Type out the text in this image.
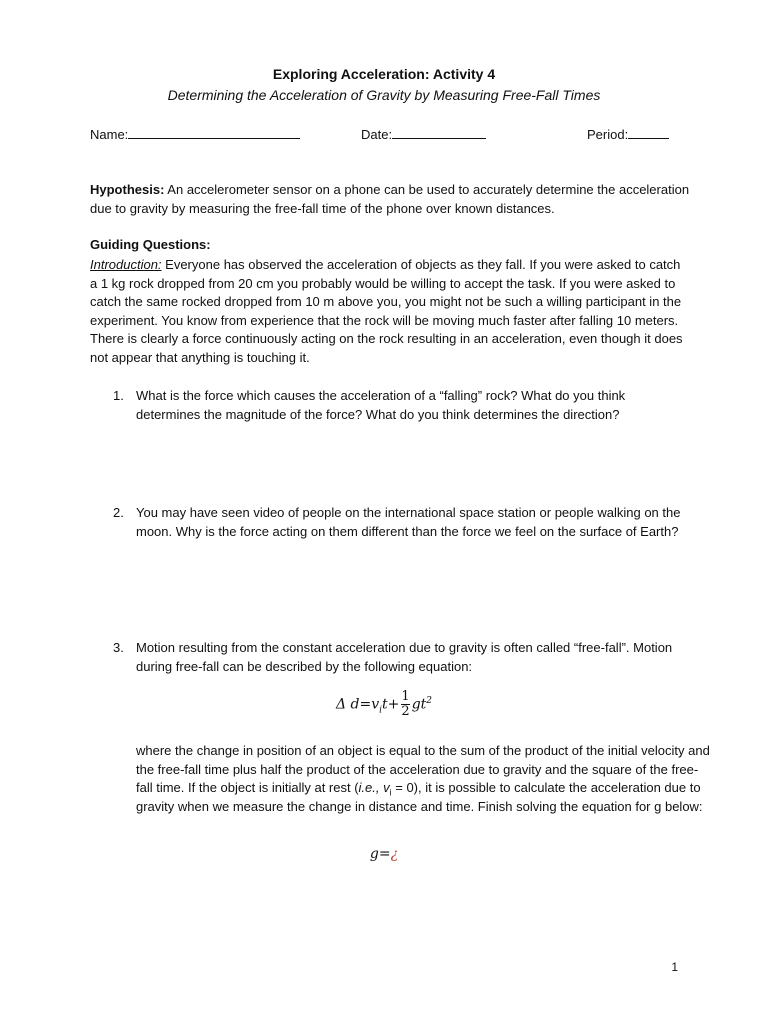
Exploring Acceleration: Activity 4
Determining the Acceleration of Gravity by Measuring Free-Fall Times
Name:	Date:	Period:
Hypothesis: An accelerometer sensor on a phone can be used to accurately determine the acceleration due to gravity by measuring the free-fall time of the phone over known distances.
Guiding Questions:
Introduction: Everyone has observed the acceleration of objects as they fall. If you were asked to catch a 1 kg rock dropped from 20 cm you probably would be willing to accept the task. If you were asked to catch the same rocked dropped from 10 m above you, you might not be such a willing participant in the experiment. You know from experience that the rock will be moving much faster after falling 10 meters. There is clearly a force continuously acting on the rock resulting in an acceleration, even though it does not appear that anything is touching it.
1. What is the force which causes the acceleration of a “falling” rock? What do you think determines the magnitude of the force? What do you think determines the direction?
2. You may have seen video of people on the international space station or people walking on the moon. Why is the force acting on them different than the force we feel on the surface of Earth?
3. Motion resulting from the constant acceleration due to gravity is often called “free-fall”. Motion during free-fall can be described by the following equation:
Δ $d=v_it+ \frac{1}{2} gt^2$
where the change in position of an object is equal to the sum of the product of the initial velocity and the free-fall time plus half the product of the acceleration due to gravity and the square of the free-fall time. If the object is initially at rest (i.e., $v_i = 0$), it is possible to calculate the acceleration due to gravity when we measure the change in distance and time. Finish solving the equation for g below:
g=¿
1
